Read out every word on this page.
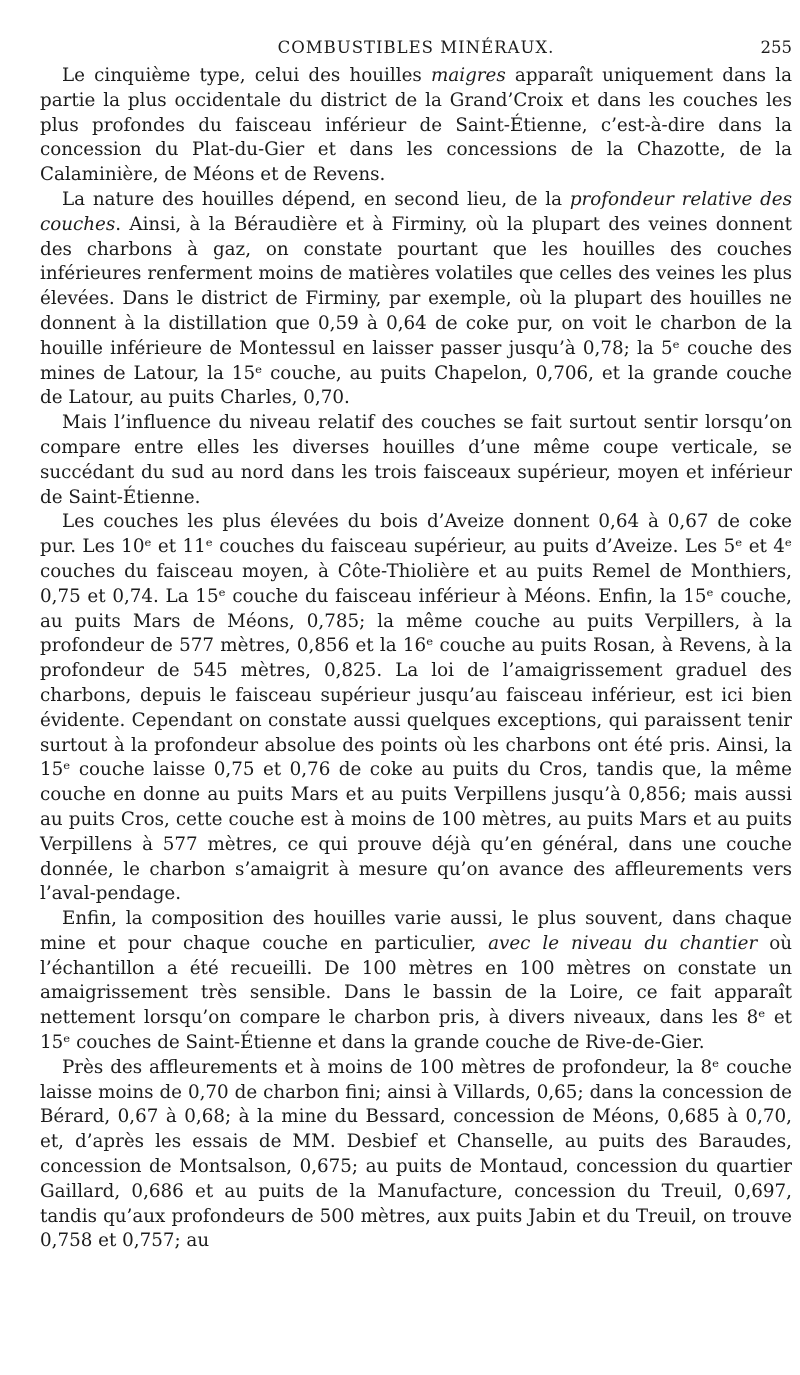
COMBUSTIBLES MINÉRAUX.	255

Le cinquième type, celui des houilles maigres apparaît uniquement dans la partie la plus occidentale du district de la Grand’Croix et dans les couches les plus profondes du faisceau inférieur de Saint-Étienne, c’est-à-dire dans la concession du Plat-du-Gier et dans les concessions de la Chazotte, de la Calaminière, de Méons et de Revens.

La nature des houilles dépend, en second lieu, de la profondeur relative des couches. Ainsi, à la Béraudière et à Firminy, où la plupart des veines donnent des charbons à gaz, on constate pourtant que les houilles des couches inférieures renferment moins de matières volatiles que celles des veines les plus élevées. Dans le district de Firminy, par exemple, où la plupart des houilles ne donnent à la distillation que 0,59 à 0,64 de coke pur, on voit le charbon de la houille inférieure de Montessul en laisser passer jusqu’à 0,78; la 5ᵉ couche des mines de Latour, la 15ᵉ couche, au puits Chapelon, 0,706, et la grande couche de Latour, au puits Charles, 0,70.

Mais l’influence du niveau relatif des couches se fait surtout sentir lorsqu’on compare entre elles les diverses houilles d’une même coupe verticale, se succédant du sud au nord dans les trois faisceaux supérieur, moyen et inférieur de Saint-Étienne.

Les couches les plus élevées du bois d’Aveize donnent 0,64 à 0,67 de coke pur. Les 10ᵉ et 11ᵉ couches du faisceau supérieur, au puits d’Aveize. Les 5ᵉ et 4ᵉ couches du faisceau moyen, à Côte-Thiolière et au puits Remel de Monthiers, 0,75 et 0,74. La 15ᵉ couche du faisceau inférieur à Méons. Enfin, la 15ᵉ couche, au puits Mars de Méons, 0,785; la même couche au puits Verpillers, à la profondeur de 577 mètres, 0,856 et la 16ᵉ couche au puits Rosan, à Revens, à la profondeur de 545 mètres, 0,825. La loi de l’amaigrissement graduel des charbons, depuis le faisceau supérieur jusqu’au faisceau inférieur, est ici bien évidente. Cependant on constate aussi quelques exceptions, qui paraissent tenir surtout à la profondeur absolue des points où les charbons ont été pris. Ainsi, la 15ᵉ couche laisse 0,75 et 0,76 de coke au puits du Cros, tandis que, la même couche en donne au puits Mars et au puits Verpillens jusqu’à 0,856; mais aussi au puits Cros, cette couche est à moins de 100 mètres, au puits Mars et au puits Verpillens à 577 mètres, ce qui prouve déjà qu’en général, dans une couche donnée, le charbon s’amaigrit à mesure qu’on avance des affleurements vers l’aval-pendage.

Enfin, la composition des houilles varie aussi, le plus souvent, dans chaque mine et pour chaque couche en particulier, avec le niveau du chantier où l’échantillon a été recueilli. De 100 mètres en 100 mètres on constate un amaigrissement très sensible. Dans le bassin de la Loire, ce fait apparaît nettement lorsqu’on compare le charbon pris, à divers niveaux, dans les 8ᵉ et 15ᵉ couches de Saint-Étienne et dans la grande couche de Rive-de-Gier.

Près des affleurements et à moins de 100 mètres de profondeur, la 8ᵉ couche laisse moins de 0,70 de charbon fini; ainsi à Villards, 0,65; dans la concession de Bérard, 0,67 à 0,68; à la mine du Bessard, concession de Méons, 0,685 à 0,70, et, d’après les essais de MM. Desbief et Chanselle, au puits des Baraudes, concession de Montsalson, 0,675; au puits de Montaud, concession du quartier Gaillard, 0,686 et au puits de la Manufacture, concession du Treuil, 0,697, tandis qu’aux profondeurs de 500 mètres, aux puits Jabin et du Treuil, on trouve 0,758 et 0,757; au
